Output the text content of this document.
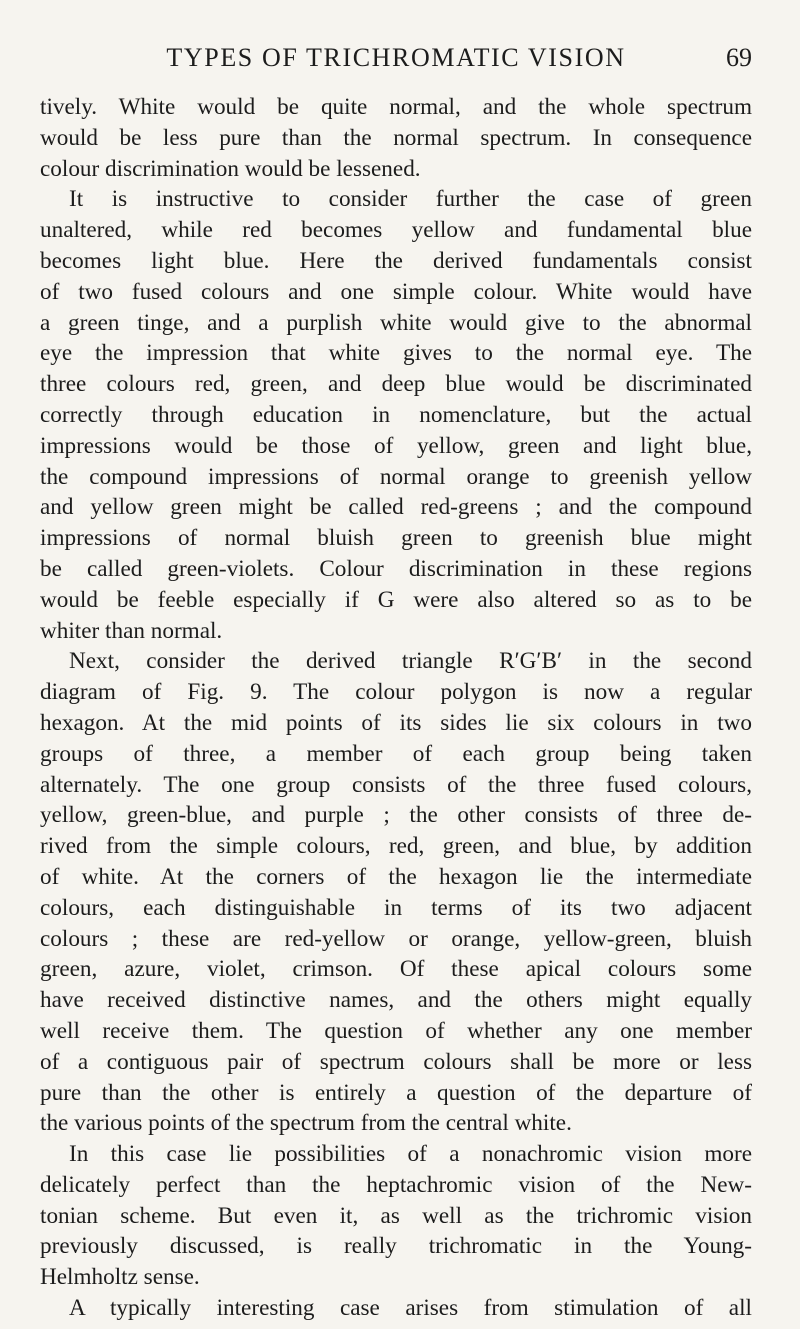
TYPES OF TRICHROMATIC VISION	69
tively. White would be quite normal, and the whole spectrum
would be less pure than the normal spectrum. In consequence
colour discrimination would be lessened.
It is instructive to consider further the case of green
unaltered, while red becomes yellow and fundamental blue
becomes light blue. Here the derived fundamentals consist
of two fused colours and one simple colour. White would have
a green tinge, and a purplish white would give to the abnormal
eye the impression that white gives to the normal eye. The
three colours red, green, and deep blue would be discriminated
correctly through education in nomenclature, but the actual
impressions would be those of yellow, green and light blue,
the compound impressions of normal orange to greenish yellow
and yellow green might be called red-greens ; and the compound
impressions of normal bluish green to greenish blue might
be called green-violets. Colour discrimination in these regions
would be feeble especially if G were also altered so as to be
whiter than normal.
Next, consider the derived triangle R′G′B′ in the second
diagram of Fig. 9. The colour polygon is now a regular
hexagon. At the mid points of its sides lie six colours in two
groups of three, a member of each group being taken
alternately. The one group consists of the three fused colours,
yellow, green-blue, and purple ; the other consists of three de-
rived from the simple colours, red, green, and blue, by addition
of white. At the corners of the hexagon lie the intermediate
colours, each distinguishable in terms of its two adjacent
colours ; these are red-yellow or orange, yellow-green, bluish
green, azure, violet, crimson. Of these apical colours some
have received distinctive names, and the others might equally
well receive them. The question of whether any one member
of a contiguous pair of spectrum colours shall be more or less
pure than the other is entirely a question of the departure of
the various points of the spectrum from the central white.
In this case lie possibilities of a nonachromic vision more
delicately perfect than the heptachromic vision of the New-
tonian scheme. But even it, as well as the trichromic vision
previously discussed, is really trichromatic in the Young-
Helmholtz sense.
A typically interesting case arises from stimulation of all
